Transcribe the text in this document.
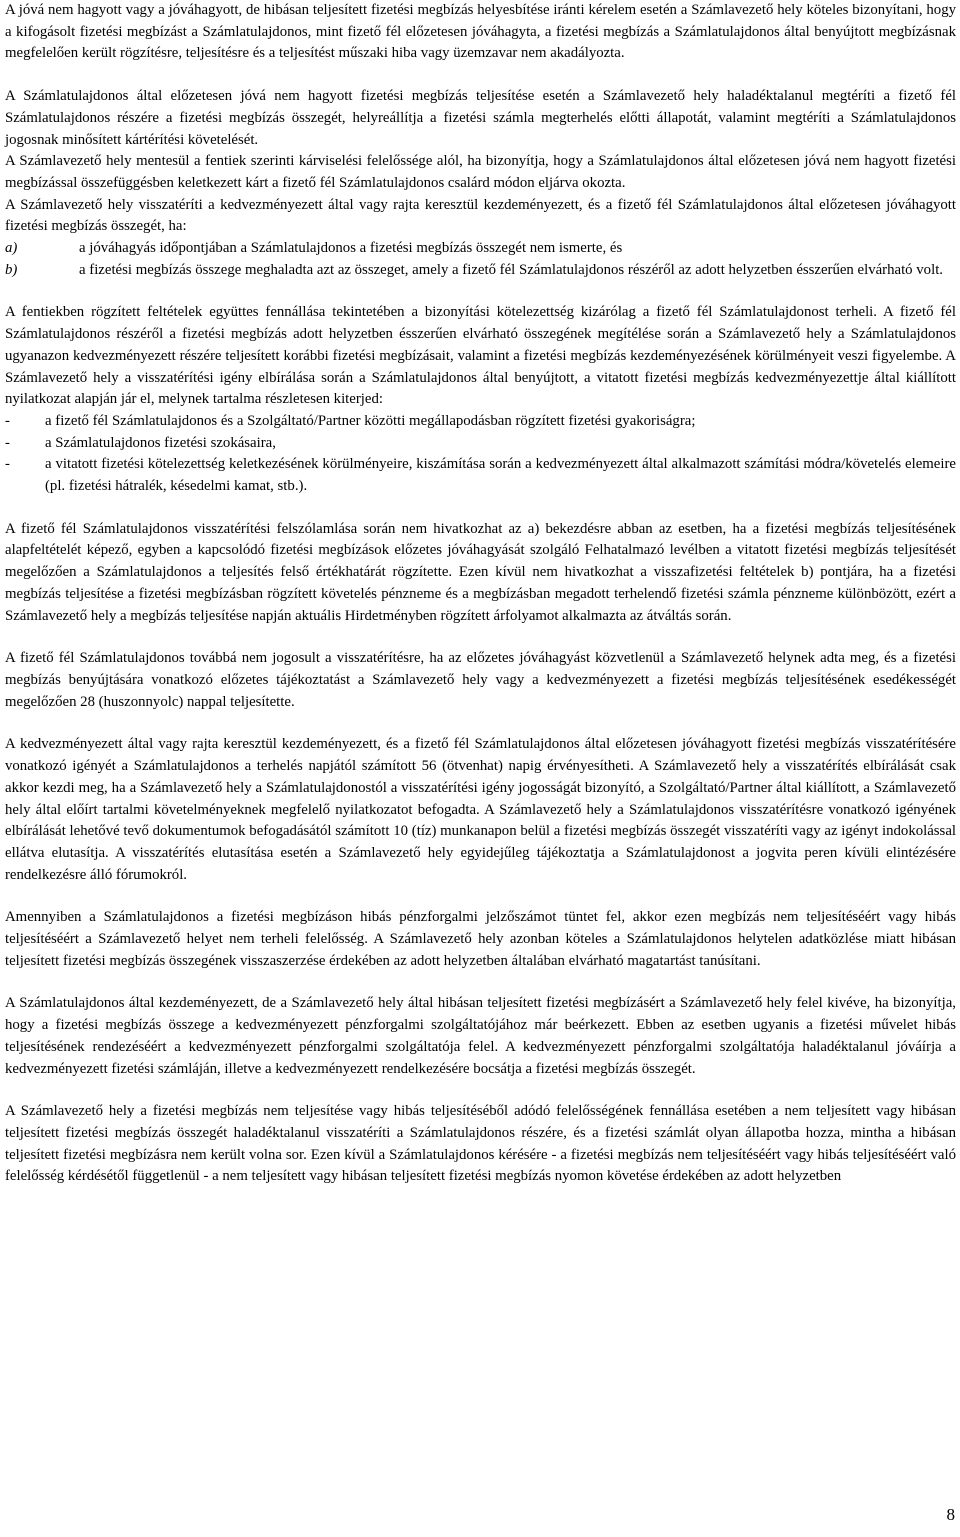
A jóvá nem hagyott vagy a jóváhagyott, de hibásan teljesített fizetési megbízás helyesbítése iránti kérelem esetén a Számlavezető hely köteles bizonyítani, hogy a kifogásolt fizetési megbízást a Számlatulajdonos, mint fizető fél előzetesen jóváhagyta, a fizetési megbízás a Számlatulajdonos által benyújtott megbízásnak megfelelően került rögzítésre, teljesítésre és a teljesítést műszaki hiba vagy üzemzavar nem akadályozta.

A Számlatulajdonos által előzetesen jóvá nem hagyott fizetési megbízás teljesítése esetén a Számlavezető hely haladéktalanul megtéríti a fizető fél Számlatulajdonos részére a fizetési megbízás összegét, helyreállítja a fizetési számla megterhelés előtti állapotát, valamint megtéríti a Számlatulajdonos jogosnak minősített kártérítési követelését.

A Számlavezető hely mentesül a fentiek szerinti kárviselési felelőssége alól, ha bizonyítja, hogy a Számlatulajdonos által előzetesen jóvá nem hagyott fizetési megbízással összefüggésben keletkezett kárt a fizető fél Számlatulajdonos csalárd módon eljárva okozta.

A Számlavezető hely visszatéríti a kedvezményezett által vagy rajta keresztül kezdeményezett, és a fizető fél Számlatulajdonos által előzetesen jóváhagyott fizetési megbízás összegét, ha:

a)	a jóváhagyás időpontjában a Számlatulajdonos a fizetési megbízás összegét nem ismerte, és
b)	a fizetési megbízás összege meghaladta azt az összeget, amely a fizető fél Számlatulajdonos részéről az adott helyzetben ésszerűen elvárható volt.

A fentiekben rögzített feltételek együttes fennállása tekintetében a bizonyítási kötelezettség kizárólag a fizető fél Számlatulajdonost terheli. A fizető fél Számlatulajdonos részéről a fizetési megbízás adott helyzetben ésszerűen elvárható összegének megítélése során a Számlavezető hely a Számlatulajdonos ugyanazon kedvezményezett részére teljesített korábbi fizetési megbízásait, valamint a fizetési megbízás kezdeményezésének körülményeit veszi figyelembe. A Számlavezető hely a visszatérítési igény elbírálása során a Számlatulajdonos által benyújtott, a vitatott fizetési megbízás kedvezményezettje által kiállított nyilatkozat alapján jár el, melynek tartalma részletesen kiterjed:

-	a fizető fél Számlatulajdonos és a Szolgáltató/Partner közötti megállapodásban rögzített fizetési gyakoriságra;
-	a Számlatulajdonos fizetési szokásaira,
-	a vitatott fizetési kötelezettség keletkezésének körülményeire, kiszámítása során a kedvezményezett által alkalmazott számítási módra/követelés elemeire (pl. fizetési hátralék, késedelmi kamat, stb.).

A fizető fél Számlatulajdonos visszatérítési felszólamlása során nem hivatkozhat az a) bekezdésre abban az esetben, ha a fizetési megbízás teljesítésének alapfeltételét képező, egyben a kapcsolódó fizetési megbízások előzetes jóváhagyását szolgáló Felhatalmazó levélben a vitatott fizetési megbízás teljesítését megelőzően a Számlatulajdonos a teljesítés felső értékhatárát rögzítette. Ezen kívül nem hivatkozhat a visszafizetési feltételek b) pontjára, ha a fizetési megbízás teljesítése a fizetési megbízásban rögzített követelés pénzneme és a megbízásban megadott terhelendő fizetési számla pénzneme különbözött, ezért a Számlavezető hely a megbízás teljesítése napján aktuális Hirdetményben rögzített árfolyamot alkalmazta az átváltás során.

A fizető fél Számlatulajdonos továbbá nem jogosult a visszatérítésre, ha az előzetes jóváhagyást közvetlenül a Számlavezető helynek adta meg, és a fizetési megbízás benyújtására vonatkozó előzetes tájékoztatást a Számlavezető hely vagy a kedvezményezett a fizetési megbízás teljesítésének esedékességét megelőzően 28 (huszonnyolc) nappal teljesítette.

A kedvezményezett által vagy rajta keresztül kezdeményezett, és a fizető fél Számlatulajdonos által előzetesen jóváhagyott fizetési megbízás visszatérítésére vonatkozó igényét a Számlatulajdonos a terhelés napjától számított 56 (ötvenhat) napig érvényesítheti. A Számlavezető hely a visszatérítés elbírálását csak akkor kezdi meg, ha a Számlavezető hely a Számlatulajdonostól a visszatérítési igény jogosságát bizonyító, a Szolgáltató/Partner által kiállított, a Számlavezető hely által előírt tartalmi követelményeknek megfelelő nyilatkozatot befogadta. A Számlavezető hely a Számlatulajdonos visszatérítésre vonatkozó igényének elbírálását lehetővé tevő dokumentumok befogadásától számított 10 (tíz) munkanapon belül a fizetési megbízás összegét visszatéríti vagy az igényt indokolással ellátva elutasítja. A visszatérítés elutasítása esetén a Számlavezető hely egyidejűleg tájékoztatja a Számlatulajdonost a jogvita peren kívüli elintézésére rendelkezésre álló fórumokról.

Amennyiben a Számlatulajdonos a fizetési megbízáson hibás pénzforgalmi jelzőszámot tüntet fel, akkor ezen megbízás nem teljesítéséért vagy hibás teljesítéséért a Számlavezető helyet nem terheli felelősség. A Számlavezető hely azonban köteles a Számlatulajdonos helytelen adatközlése miatt hibásan teljesített fizetési megbízás összegének visszaszerzése érdekében az adott helyzetben általában elvárható magatartást tanúsítani.

A Számlatulajdonos által kezdeményezett, de a Számlavezető hely által hibásan teljesített fizetési megbízásért a Számlavezető hely felel kivéve, ha bizonyítja, hogy a fizetési megbízás összege a kedvezményezett pénzforgalmi szolgáltatójához már beérkezett. Ebben az esetben ugyanis a fizetési művelet hibás teljesítésének rendezéséért a kedvezményezett pénzforgalmi szolgáltatója felel. A kedvezményezett pénzforgalmi szolgáltatója haladéktalanul jóváírja a kedvezményezett fizetési számláján, illetve a kedvezményezett rendelkezésére bocsátja a fizetési megbízás összegét.

A Számlavezető hely a fizetési megbízás nem teljesítése vagy hibás teljesítéséből adódó felelősségének fennállása esetében a nem teljesített vagy hibásan teljesített fizetési megbízás összegét haladéktalanul visszatéríti a Számlatulajdonos részére, és a fizetési számlát olyan állapotba hozza, mintha a hibásan teljesített fizetési megbízásra nem került volna sor. Ezen kívül a Számlatulajdonos kérésére - a fizetési megbízás nem teljesítéséért vagy hibás teljesítéséért való felelősség kérdésétől függetlenül - a nem teljesített vagy hibásan teljesített fizetési megbízás nyomon követése érdekében az adott helyzetben

8
